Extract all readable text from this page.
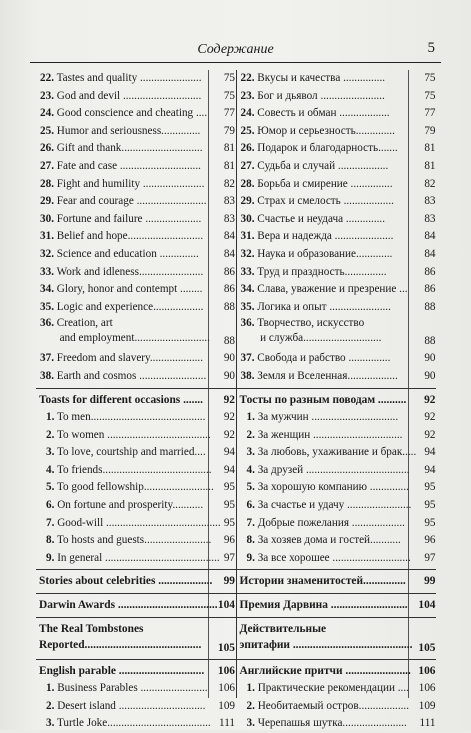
Содержание	5
22. Tastes and quality ......................	75
23. God and devil ............................	75
24. Good conscience and cheating ....	77
25. Humor and seriousness..............	79
26. Gift and thank.............................	81
27. Fate and case .............................	81
28. Fight and humility ......................	82
29. Fear and courage .........................	83
30. Fortune and failure ....................	83
31. Belief and hope...........................	84
32. Science and education ..............	84
33. Work and idleness.......................	86
34. Glory, honor and contempt ........	86
35. Logic and experience..................	88
36. Creation, art
and employment...........................	88
37. Freedom and slavery...................	90
38. Earth and cosmos ........................	90
Toasts for different occasions .......	92
1. To men.........................................	92
2. To women .....................................	92
3. To love, courtship and married....	94
4. To friends.......................................	94
5. To good fellowship......................... 95
6. On fortune and prosperity...........	95
7. Good-will ......................................... 95
8. To hosts and guests........................	96
9. In general ......................................... 97
Stories about celebrities ................... 99
Darwin Awards ................................... 104
The Real Tombstones
Reported.........................................	105
English parable ..............................	106
1. Business Parables ........................ 106
2. Desert island ...............................	109
3. Turtle Joke..................................... 111
22. Вкусы и качества ...............	75
23. Бог и дьявол .......................	75
24. Совесть и обман ..................	77
25. Юмор и серьезность..............	79
26. Подарок и благодарность.......	81
27. Судьба и случай ..................	81
28. Борьба и смирение ...............	82
29. Страх и смелость ..................	83
30. Счастье и неудача ..............	83
31. Вера и надежда .....................	84
32. Наука и образование.............	84
33. Труд и праздность...............	86
34. Слава, уважение и презрение ...	86
35. Логика и опыт ......................	88
36. Творчество, искусство
и служба............................	88
37. Свобода и рабство ...............	90
38. Земля и Вселенная..................	90
Тосты по разным поводам ..........	92
1. За мужчин ...............................	92
2. За женщин ................................	92
3. За любовь, ухаживание и брак..... 94
4. За друзей .....................................	94
5. За хорошую компанию ..............	95
6. За счастье и удачу .......................	95
7. Добрые пожелания ...................	95
8. За хозяев дома и гостей...........	96
9. За все хорошее ............................	97
Истории знаменитостей...............	99
Премия Дарвина ........................... 104
Действительные
эпитафии .......................................... 105
Английские притчи ....................... 106
1. Практические рекомендации .... 106
2. Необитаемый остров.................. 109
3. Черепашья шутка.......................	111
